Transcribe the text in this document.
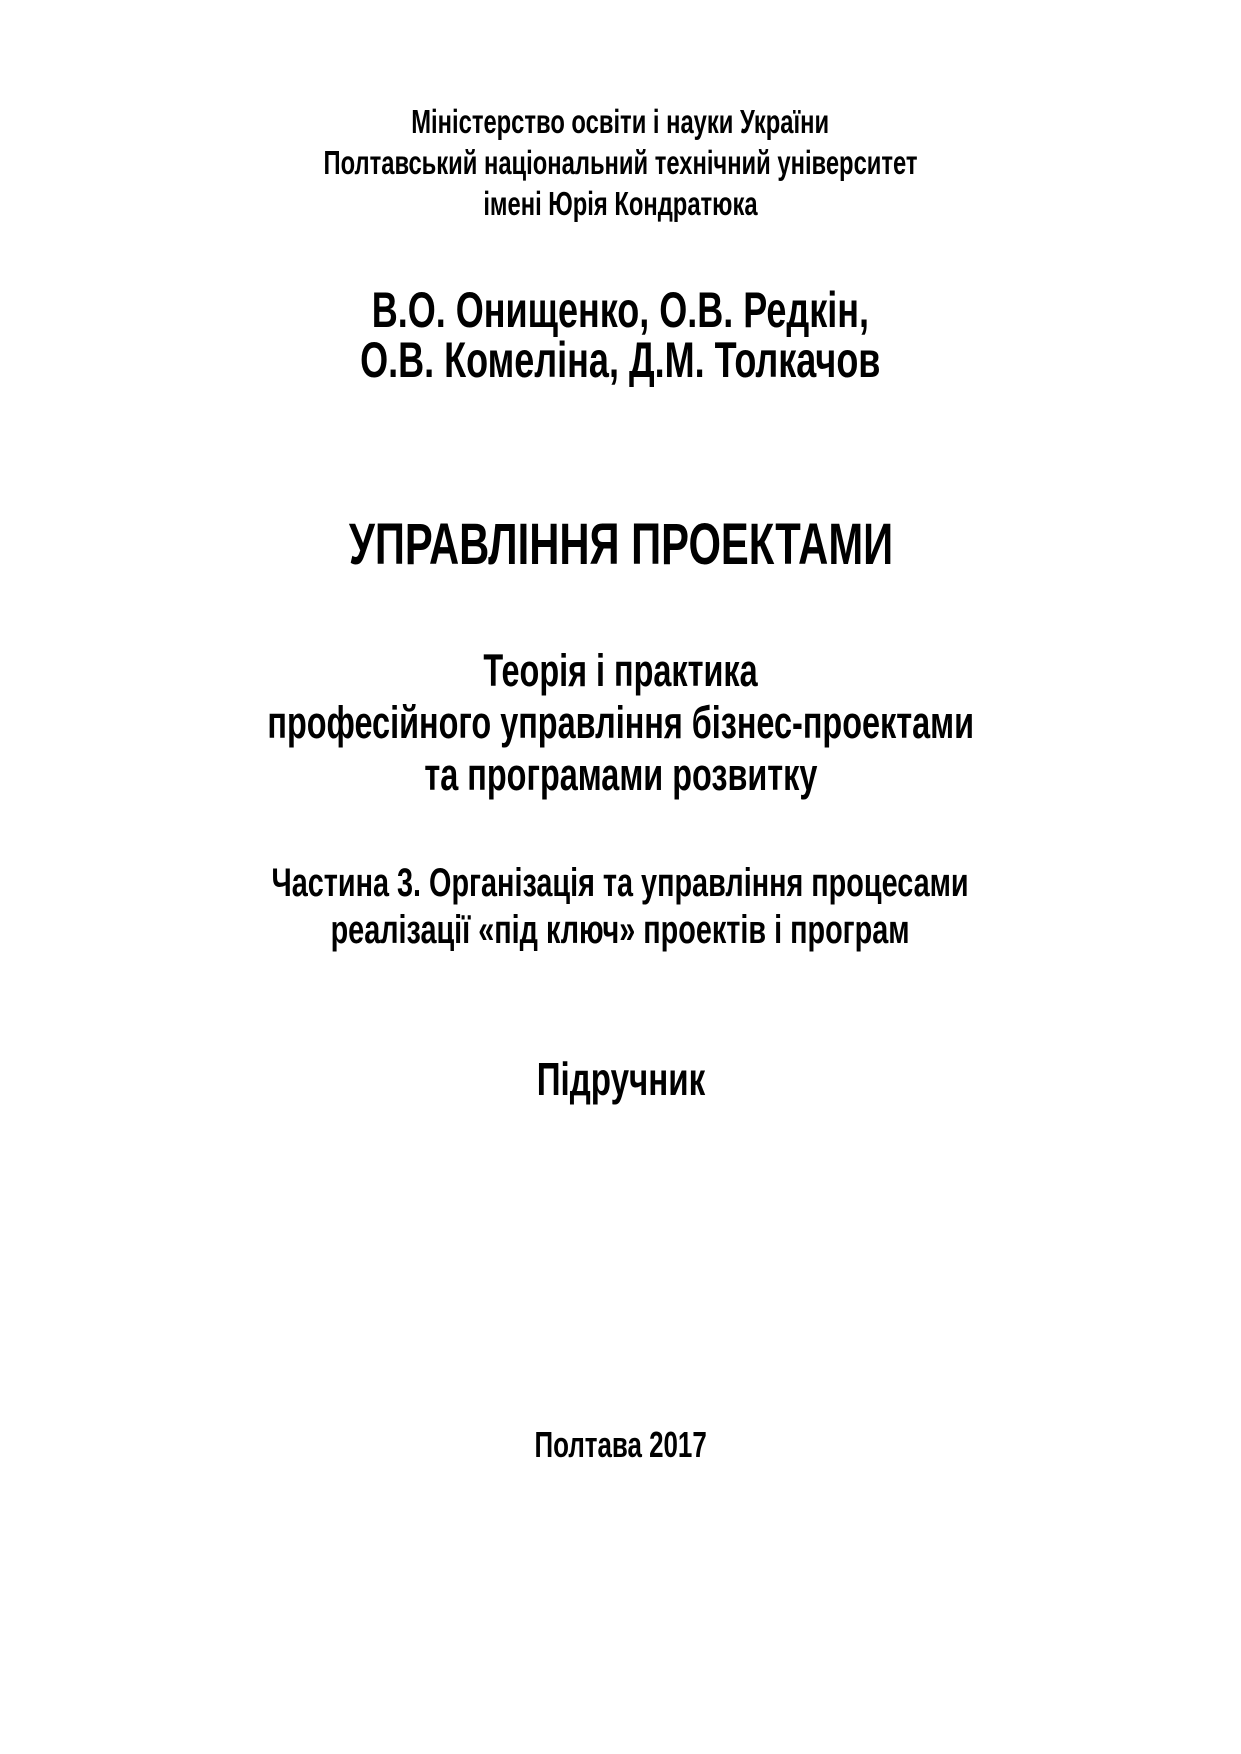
Міністерство освіти і науки України
Полтавський національний технічний університет
імені Юрія Кондратюка
В.О. Онищенко, О.В. Редкін,
О.В. Комеліна, Д.М. Толкачов
УПРАВЛІННЯ ПРОЕКТАМИ
Теорія і практика
професійного управління бізнес-проектами
та програмами розвитку
Частина 3. Організація та управління процесами
реалізації «під ключ» проектів і програм
Підручник
Полтава 2017
